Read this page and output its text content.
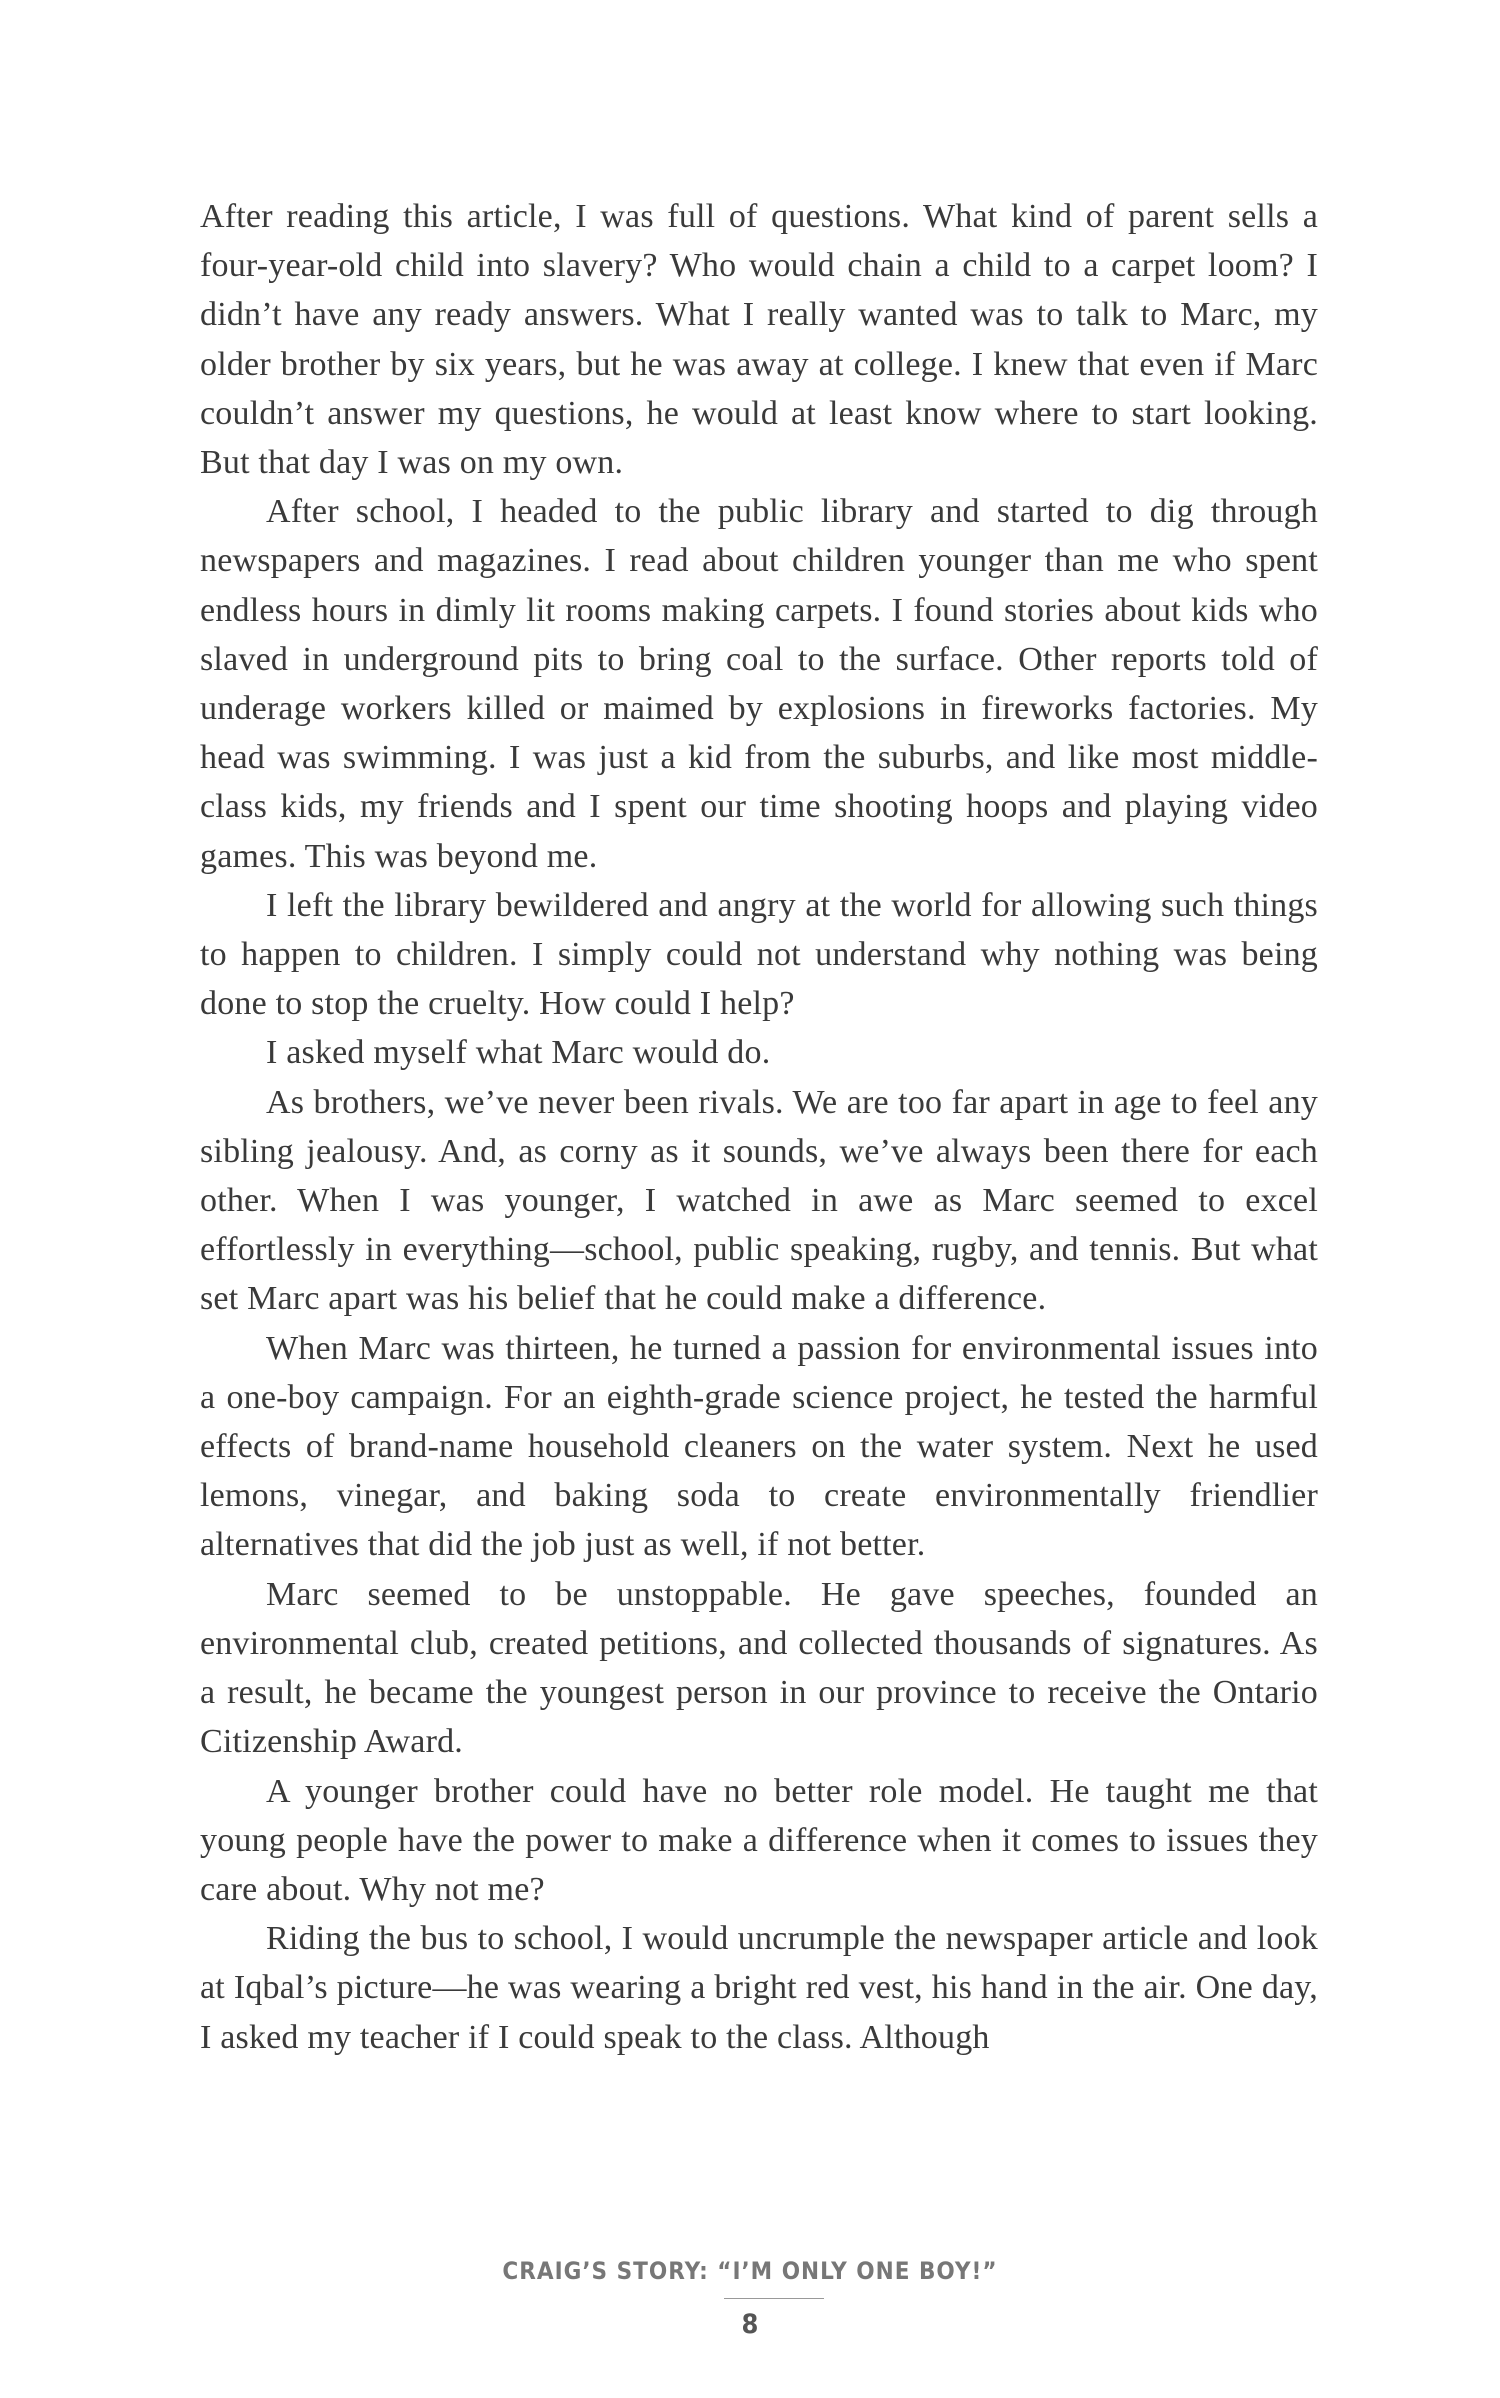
After reading this article, I was full of questions. What kind of parent sells a four-year-old child into slavery? Who would chain a child to a carpet loom? I didn’t have any ready answers. What I really wanted was to talk to Marc, my older brother by six years, but he was away at college. I knew that even if Marc couldn’t answer my questions, he would at least know where to start looking. But that day I was on my own.

After school, I headed to the public library and started to dig through newspapers and magazines. I read about children younger than me who spent endless hours in dimly lit rooms making carpets. I found stories about kids who slaved in underground pits to bring coal to the surface. Other reports told of underage workers killed or maimed by explosions in fireworks factories. My head was swimming. I was just a kid from the suburbs, and like most middle-class kids, my friends and I spent our time shooting hoops and playing video games. This was beyond me.

I left the library bewildered and angry at the world for allowing such things to happen to children. I simply could not understand why nothing was being done to stop the cruelty. How could I help?

I asked myself what Marc would do.

As brothers, we’ve never been rivals. We are too far apart in age to feel any sibling jealousy. And, as corny as it sounds, we’ve always been there for each other. When I was younger, I watched in awe as Marc seemed to excel effortlessly in everything—school, public speaking, rugby, and tennis. But what set Marc apart was his belief that he could make a difference.

When Marc was thirteen, he turned a passion for environmental issues into a one-boy campaign. For an eighth-grade science project, he tested the harmful effects of brand-name household cleaners on the water system. Next he used lemons, vinegar, and baking soda to create environmentally friendlier alternatives that did the job just as well, if not better.

Marc seemed to be unstoppable. He gave speeches, founded an environmental club, created petitions, and collected thousands of signatures. As a result, he became the youngest person in our province to receive the Ontario Citizenship Award.

A younger brother could have no better role model. He taught me that young people have the power to make a difference when it comes to issues they care about. Why not me?

Riding the bus to school, I would uncrumple the newspaper article and look at Iqbal’s picture—he was wearing a bright red vest, his hand in the air. One day, I asked my teacher if I could speak to the class. Although

CRAIG’S STORY: “I’M ONLY ONE BOY!”
8
